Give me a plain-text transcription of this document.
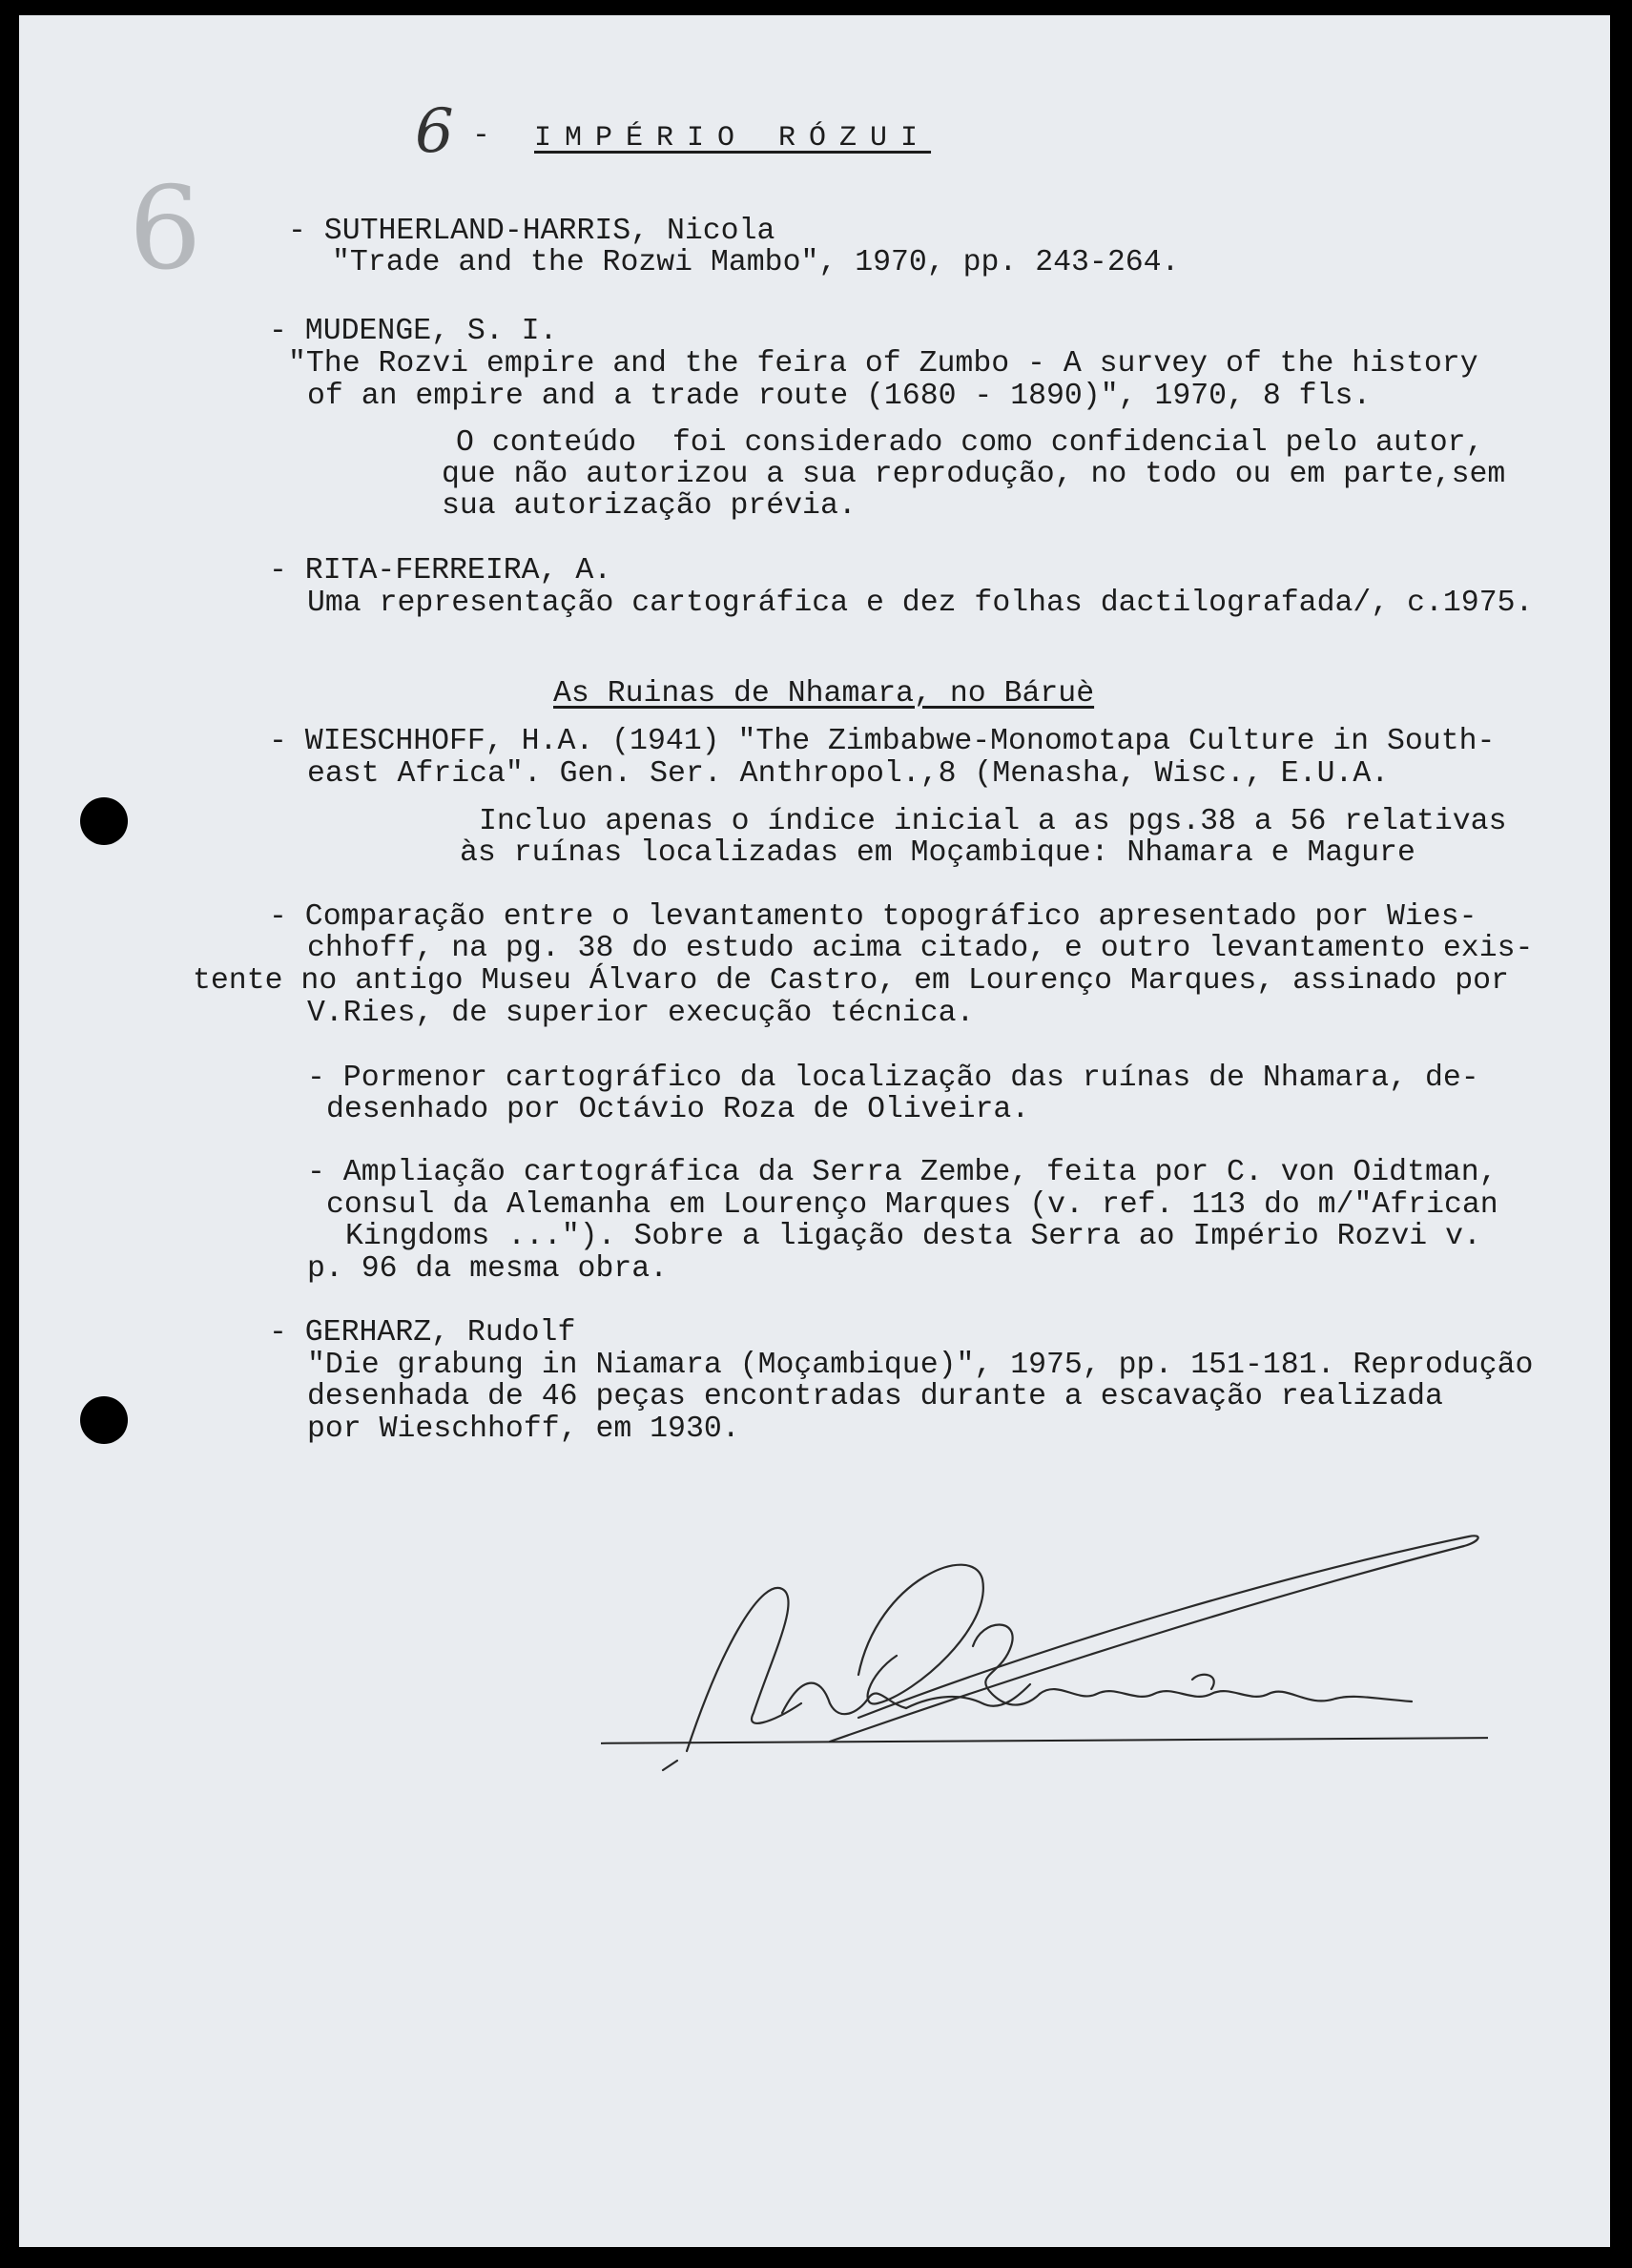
6 - IMPÉRIO RÓZUI
6	- SUTHERLAND-HARRIS, Nicola
"Trade and the Rozwi Mambo", 1970, pp. 243-264.
- MUDENGE, S. I.
"The Rozvi empire and the feira of Zumbo - A survey of the history
of an empire and a trade route (1680 - 1890)", 1970, 8 fls.
O conteúdo  foi considerado como confidencial pelo autor,
que não autorizou a sua reprodução, no todo ou em parte,sem
sua autorização prévia.
- RITA-FERREIRA, A.
Uma representação cartográfica e dez folhas dactilografada/, c.1975.
As Ruinas de Nhamara, no Báruè
- WIESCHHOFF, H.A. (1941) "The Zimbabwe-Monomotapa Culture in South-
east Africa". Gen. Ser. Anthropol.,8 (Menasha, Wisc., E.U.A.
Incluo apenas o índice inicial a as pgs.38 a 56 relativas
às ruínas localizadas em Moçambique: Nhamara e Magure
- Comparação entre o levantamento topográfico apresentado por Wies-
chhoff, na pg. 38 do estudo acima citado, e outro levantamento exis-
tente no antigo Museu Álvaro de Castro, em Lourenço Marques, assinado por
V.Ries, de superior execução técnica.
- Pormenor cartográfico da localização das ruínas de Nhamara, de-
desenhado por Octávio Roza de Oliveira.
- Ampliação cartográfica da Serra Zembe, feita por C. von Oidtman,
consul da Alemanha em Lourenço Marques (v. ref. 113 do m/"African
Kingdoms ..."). Sobre a ligação desta Serra ao Império Rozvi v.
p. 96 da mesma obra.
- GERHARZ, Rudolf
"Die grabung in Niamara (Moçambique)", 1975, pp. 151-181. Reprodução
desenhada de 46 peças encontradas durante a escavação realizada
por Wieschhoff, em 1930.
